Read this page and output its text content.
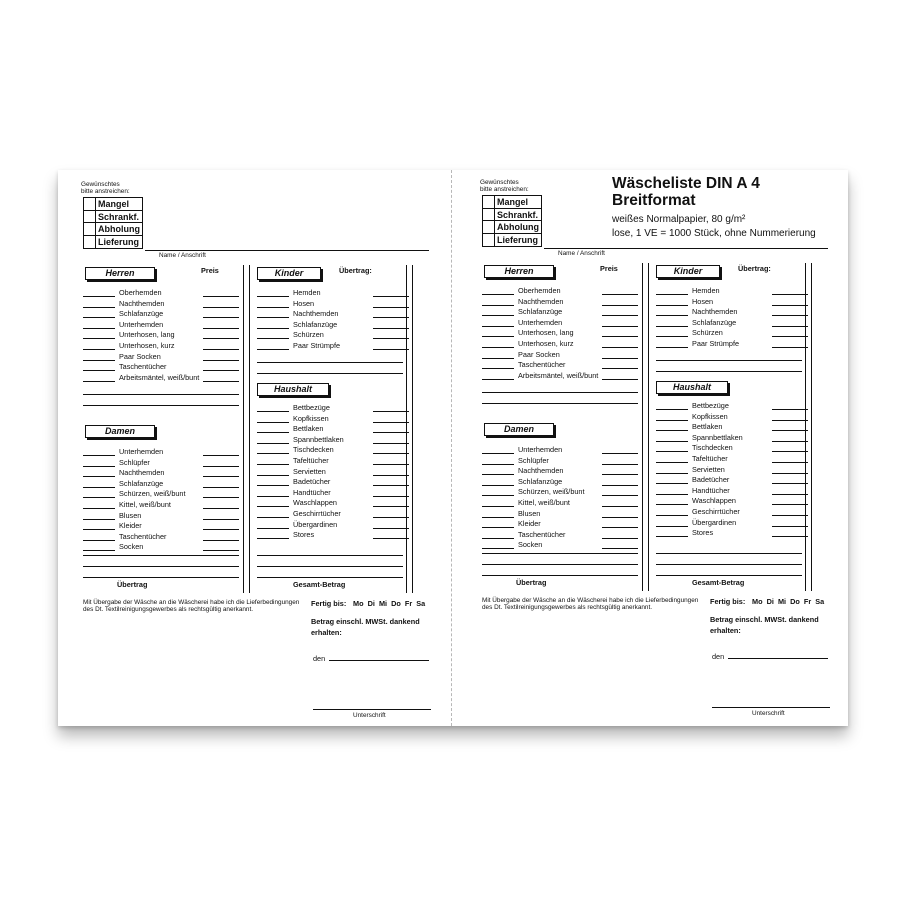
Gewünschtes
bitte anstreichen:
Mangel
Schrankf.
Abholung
Lieferung
Name / Anschrift
Herren	Preis	Kinder	Übertrag:
Oberhemden
Nachthemden
Schlafanzüge
Unterhemden
Unterhosen, lang
Unterhosen, kurz
Paar Socken
Taschentücher
Arbeitsmäntel, weiß/bunt
Damen
Unterhemden
Schlüpfer
Nachthemden
Schlafanzüge
Schürzen, weiß/bunt
Kittel, weiß/bunt
Blusen
Kleider
Taschentücher
Socken
Übertrag
Hemden
Hosen
Nachthemden
Schlafanzüge
Schürzen
Paar Strümpfe
Haushalt
Bettbezüge
Kopfkissen
Bettlaken
Spannbettlaken
Tischdecken
Tafeltücher
Servietten
Badetücher
Handtücher
Waschlappen
Geschirrtücher
Übergardinen
Stores
Gesamt-Betrag
Mit Übergabe der Wäsche an die Wäscherei habe ich die Lieferbedingungen
des Dt. Textilreinigungsgewerbes als rechtsgültig anerkannt.
Fertig bis: Mo  Di  Mi  Do  Fr  Sa
Betrag einschl. MWSt. dankend
erhalten:
den
Unterschrift
Gewünschtes
bitte anstreichen:
Mangel
Schrankf.
Abholung
Lieferung
Name / Anschrift
Herren	Preis	Kinder	Übertrag:
Oberhemden
Nachthemden
Schlafanzüge
Unterhemden
Unterhosen, lang
Unterhosen, kurz
Paar Socken
Taschentücher
Arbeitsmäntel, weiß/bunt
Damen
Unterhemden
Schlüpfer
Nachthemden
Schlafanzüge
Schürzen, weiß/bunt
Kittel, weiß/bunt
Blusen
Kleider
Taschentücher
Socken
Übertrag
Hemden
Hosen
Nachthemden
Schlafanzüge
Schürzen
Paar Strümpfe
Haushalt
Bettbezüge
Kopfkissen
Bettlaken
Spannbettlaken
Tischdecken
Tafeltücher
Servietten
Badetücher
Handtücher
Waschlappen
Geschirrtücher
Übergardinen
Stores
Gesamt-Betrag
Mit Übergabe der Wäsche an die Wäscherei habe ich die Lieferbedingungen
des Dt. Textilreinigungsgewerbes als rechtsgültig anerkannt.
Fertig bis: Mo  Di  Mi  Do  Fr  Sa
Betrag einschl. MWSt. dankend
erhalten:
den
Unterschrift
Wäscheliste DIN A 4
Breitformat
weißes Normalpapier, 80 g/m²
lose, 1 VE = 1000 Stück, ohne Nummerierung
